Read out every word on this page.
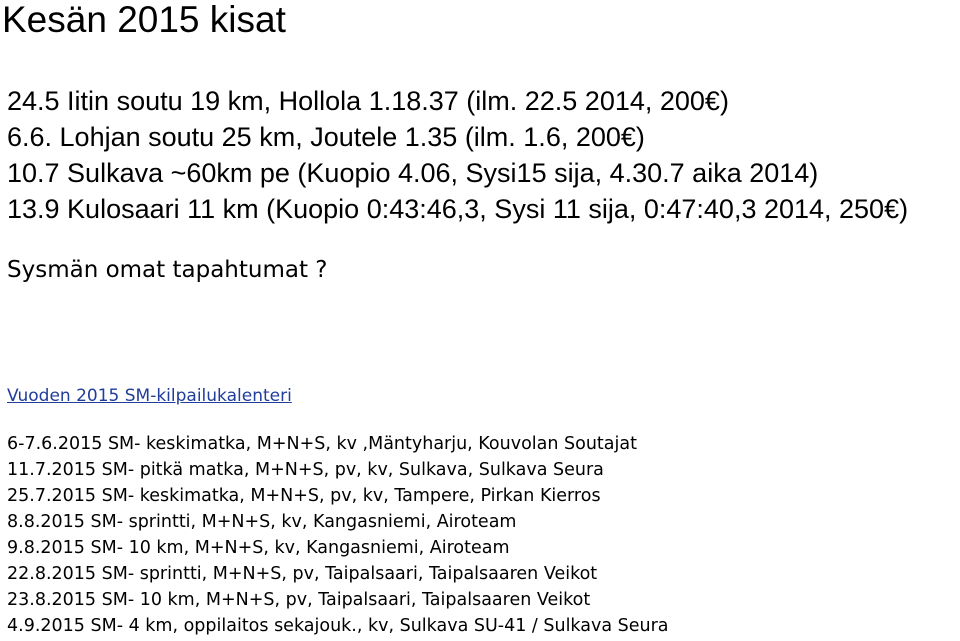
Kesän 2015 kisat
24.5 Iitin soutu 19 km, Hollola 1.18.37 (ilm. 22.5 2014, 200€)
6.6. Lohjan soutu 25 km, Joutele 1.35 (ilm. 1.6, 200€)
10.7 Sulkava ~60km pe (Kuopio 4.06, Sysi15 sija, 4.30.7 aika 2014)
13.9 Kulosaari 11 km (Kuopio 0:43:46,3, Sysi 11 sija, 0:47:40,3 2014, 250€)
Sysmän omat tapahtumat ?
Vuoden 2015 SM-kilpailukalenteri
6-7.6.2015 SM- keskimatka, M+N+S, kv ,Mäntyharju, Kouvolan Soutajat
11.7.2015 SM- pitkä matka, M+N+S, pv, kv, Sulkava, Sulkava Seura
25.7.2015 SM- keskimatka, M+N+S, pv, kv, Tampere, Pirkan Kierros
8.8.2015 SM- sprintti, M+N+S, kv, Kangasniemi, Airoteam
9.8.2015 SM- 10 km, M+N+S, kv, Kangasniemi, Airoteam
22.8.2015 SM- sprintti, M+N+S, pv, Taipalsaari, Taipalsaaren Veikot
23.8.2015 SM- 10 km, M+N+S, pv, Taipalsaari, Taipalsaaren Veikot
4.9.2015 SM- 4 km, oppilaitos sekajouk., kv, Sulkava SU-41 / Sulkava Seura
